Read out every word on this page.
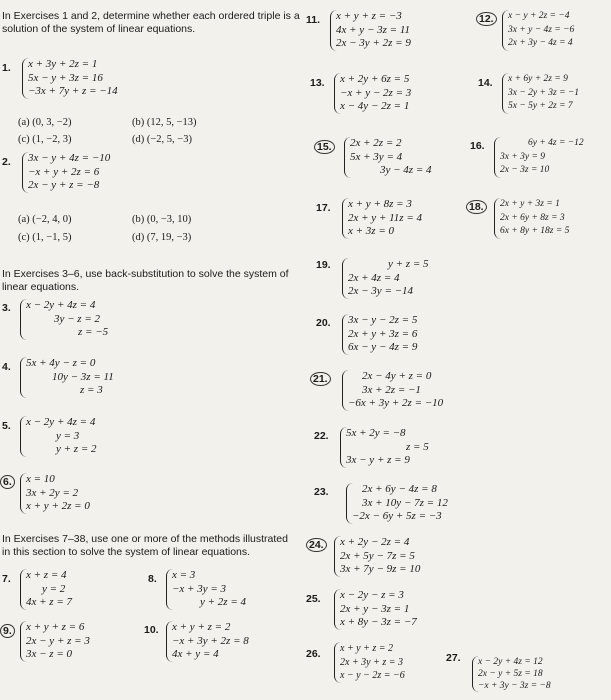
In Exercises 1 and 2, determine whether each ordered triple is a solution of the system of linear equations.

1. x + 3y + 2z = 1
5x − y + 3z = 16
−3x + 7y + z = −14
(a) (0, 3, −2)	(b) (12, 5, −13)
(c) (1, −2, 3)	(d) (−2, 5, −3)
2. 3x − y + 4z = −10
−x + y + 2z = 6
2x − y + z = −8
(a) (−2, 4, 0)	(b) (0, −3, 10)
(c) (1, −1, 5)	(d) (7, 19, −3)

In Exercises 3–6, use back-substitution to solve the system of linear equations.

3. x − 2y + 4z = 4
3y − z = 2
z = −5
4. 5x + 4y − z = 0
10y − 3z = 11
z = 3
5. x − 2y + 4z = 4
y = 3
y + z = 2
6. x = 10
3x + 2y = 2
x + y + 2z = 0

In Exercises 7–38, use one or more of the methods illustrated in this section to solve the system of linear equations.

7. x + z = 4
y = 2
4x + z = 7
8. x = 3
−x + 3y = 3
y + 2z = 4
9. x + y + z = 6
2x − y + z = 3
3x − z = 0
10. x + y + z = 2
−x + 3y + 2z = 8
4x + y = 4
11. x + y + z = −3
4x + y − 3z = 11
2x − 3y + 2z = 9
12.	x − y + 2z = −4
3x + y − 4z = −6
2x + 3y − 4z = 4
13. x + 2y + 6z = 5
−x + y − 2z = 3
x − 4y − 2z = 1
14. x + 6y + 2z = 9
3x − 2y + 3z = −1
5x − 5y + 2z = 7
15. 2x + 2z = 2
5x + 3y = 4
3y − 4z = 4
16.	6y + 4z = −12
3x + 3y = 9
2x − 3z = 10
17. x + y + 8z = 3
2x + y + 11z = 4
x + 3z = 0
18.	2x + y + 3z = 1
2x + 6y + 8z = 3
6x + 8y + 18z = 5
19.	y + z = 5
2x + 4z = 4
2x − 3y = −14
20. 3x − y − 2z = 5
2x + y + 3z = 6
6x − y − 4z = 9
21.	2x − 4y + z = 0
3x + 2z = −1
−6x + 3y + 2z = −10
22. 5x + 2y = −8
z = 5
3x − y + z = 9
23.	2x + 6y − 4z = 8
3x + 10y − 7z = 12
−2x − 6y + 5z = −3
24. x + 2y − 2z = 4
2x + 5y − 7z = 5
3x + 7y − 9z = 10
25. x − 2y − z = 3
2x + y − 3z = 1
x + 8y − 3z = −7
26. x + y + z = 2
2x + 3y + z = 3
x − y − 2z = −6
27. x − 2y + 4z = 12
2x − y + 5z = 18
−x + 3y − 3z = −8
